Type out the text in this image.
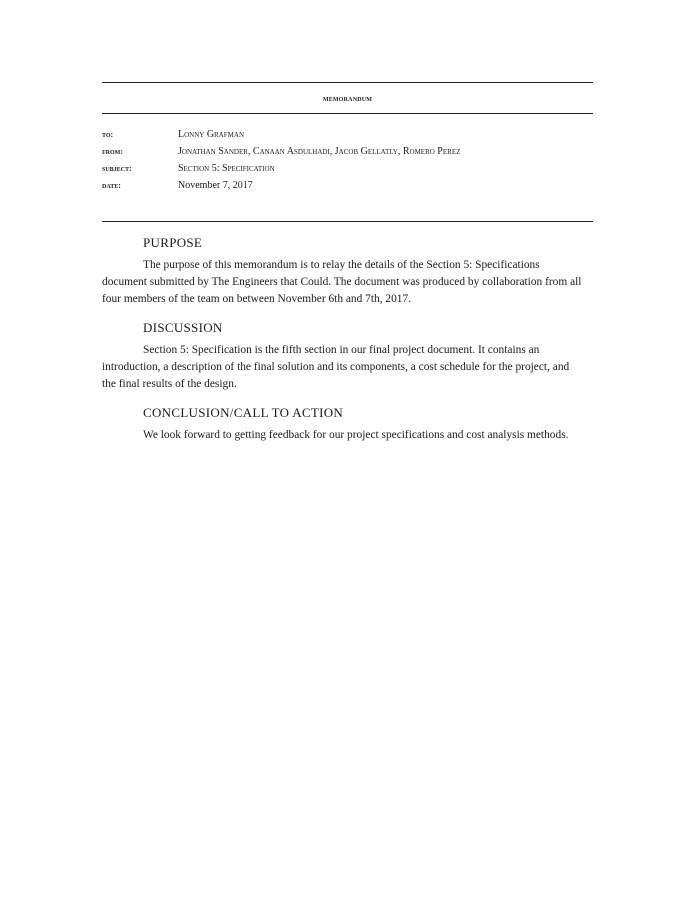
memorandum
to:	Lonny Grafman
from:	Jonathan Sander, Canaan Asdulhadi, Jacob Gellatly, Romero Perez
subject:	Section 5: Specification
date:	November 7, 2017
PURPOSE

The purpose of this memorandum is to relay the details of the Section 5: Specifications document submitted by The Engineers that Could. The document was produced by collaboration from all four members of the team on between November 6th and 7th, 2017.

DISCUSSION

Section 5: Specification is the fifth section in our final project document. It contains an introduction, a description of the final solution and its components, a cost schedule for the project, and the final results of the design.

CONCLUSION/CALL TO ACTION

We look forward to getting feedback for our project specifications and cost analysis methods.
